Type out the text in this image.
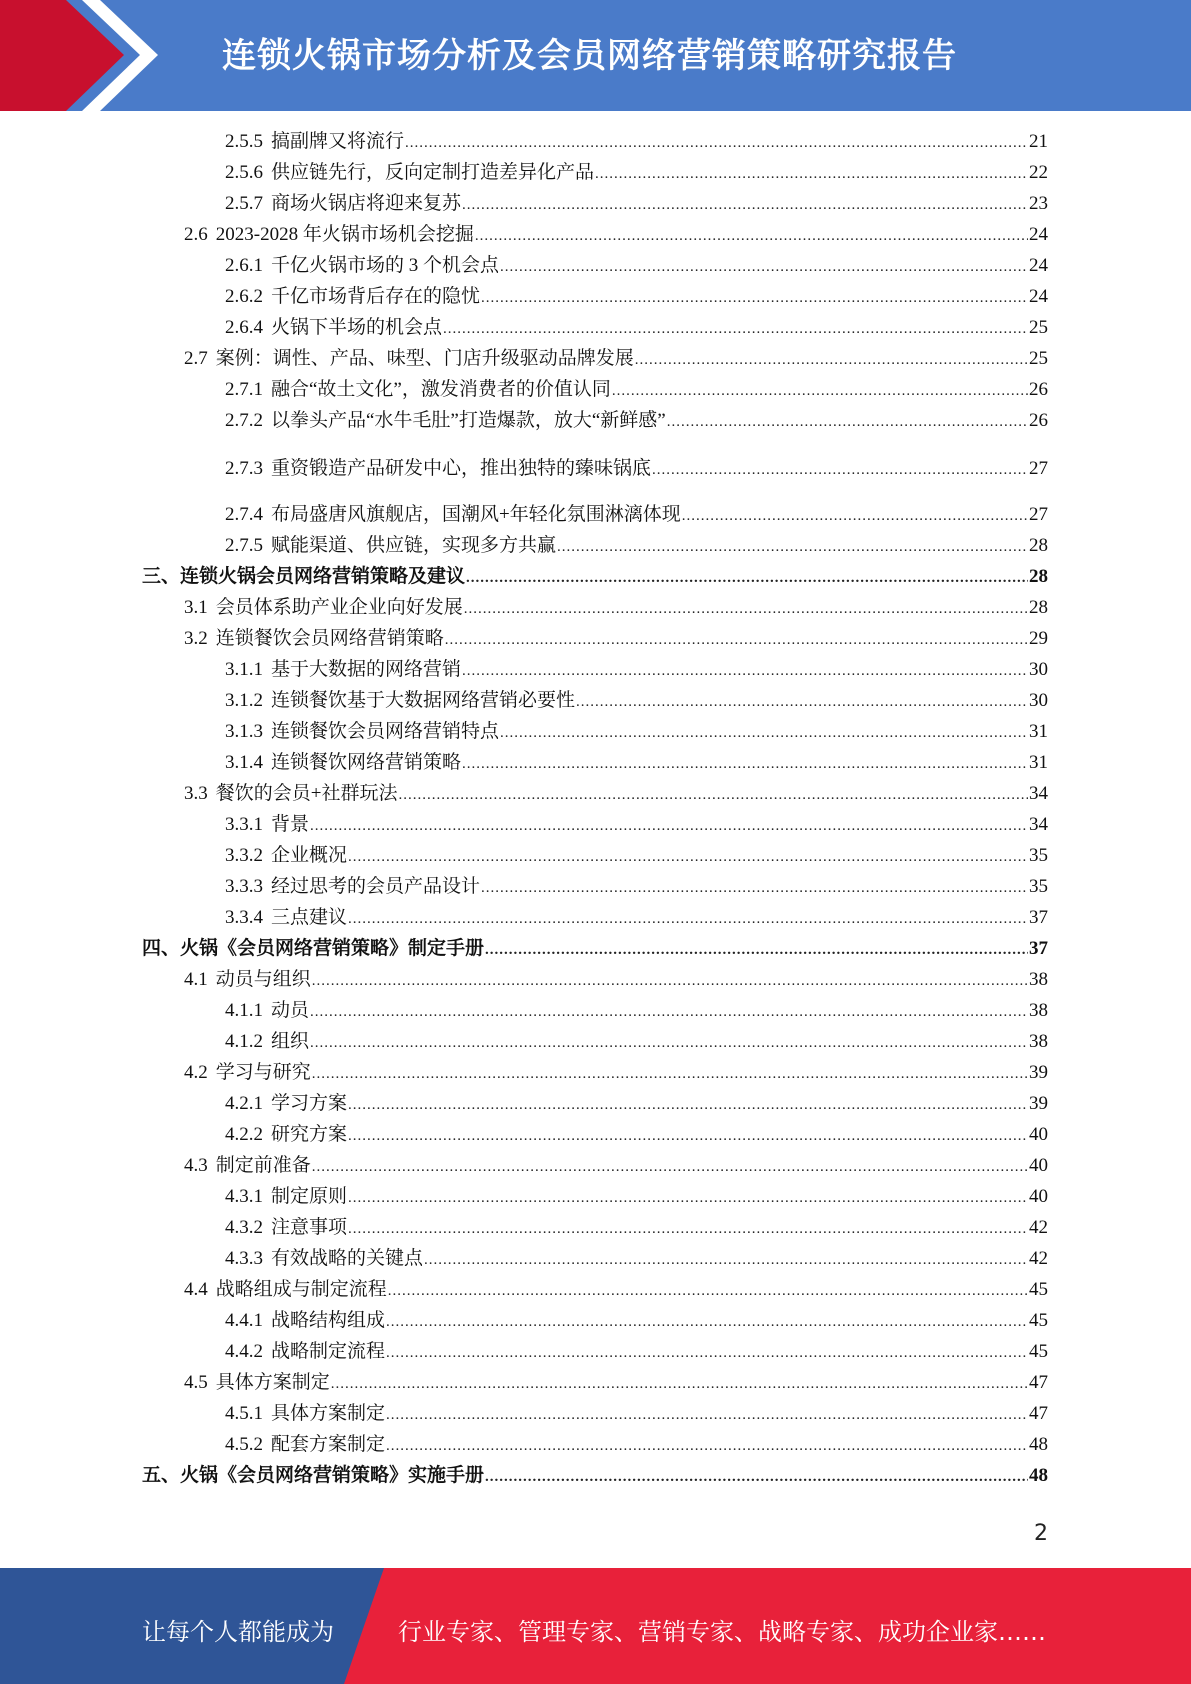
连锁火锅市场分析及会员网络营销策略研究报告
2.5.5 搞副牌又将流行 .....	21
2.5.6 供应链先行，反向定制打造差异化产品 .....	22
2.5.7 商场火锅店将迎来复苏 .....	23
2.6 2023-2028 年火锅市场机会挖掘 .....	24
2.6.1 千亿火锅市场的 3 个机会点 .....	24
2.6.2 千亿市场背后存在的隐忧 .....	24
2.6.4 火锅下半场的机会点 .....	25
2.7 案例：调性、产品、味型、门店升级驱动品牌发展 .....	25
2.7.1 融合“故土文化”，激发消费者的价值认同 .....	26
2.7.2 以拳头产品“水牛毛肚”打造爆款，放大“新鲜感” .....	26
2.7.3 重资锻造产品研发中心，推出独特的臻味锅底 .....	27
2.7.4 布局盛唐风旗舰店，国潮风+年轻化氛围淋漓体现 .....	27
2.7.5 赋能渠道、供应链，实现多方共赢 .....	28
三、 连锁火锅会员网络营销策略及建议 .....	28
3.1 会员体系助产业企业向好发展 .....	28
3.2 连锁餐饮会员网络营销策略 .....	29
3.1.1 基于大数据的网络营销 .....	30
3.1.2 连锁餐饮基于大数据网络营销必要性 .....	30
3.1.3 连锁餐饮会员网络营销特点 .....	31
3.1.4 连锁餐饮网络营销策略 .....	31
3.3 餐饮的会员+社群玩法 .....	34
3.3.1 背景 .....	34
3.3.2 企业概况 .....	35
3.3.3 经过思考的会员产品设计 .....	35
3.3.4 三点建议 .....	37
四、 火锅《会员网络营销策略》制定手册 .....	37
4.1 动员与组织 .....	38
4.1.1 动员 .....	38
4.1.2 组织 .....	38
4.2 学习与研究 .....	39
4.2.1 学习方案 .....	39
4.2.2 研究方案 .....	40
4.3 制定前准备 .....	40
4.3.1 制定原则 .....	40
4.3.2 注意事项 .....	42
4.3.3 有效战略的关键点 .....	42
4.4 战略组成与制定流程 .....	45
4.4.1 战略结构组成 .....	45
4.4.2 战略制定流程 .....	45
4.5 具体方案制定 .....	47
4.5.1 具体方案制定 .....	47
4.5.2 配套方案制定 .....	48
五、 火锅《会员网络营销策略》实施手册 .....	48
2
让每个人都能成为	行业专家、管理专家、营销专家、战略专家、成功企业家……
